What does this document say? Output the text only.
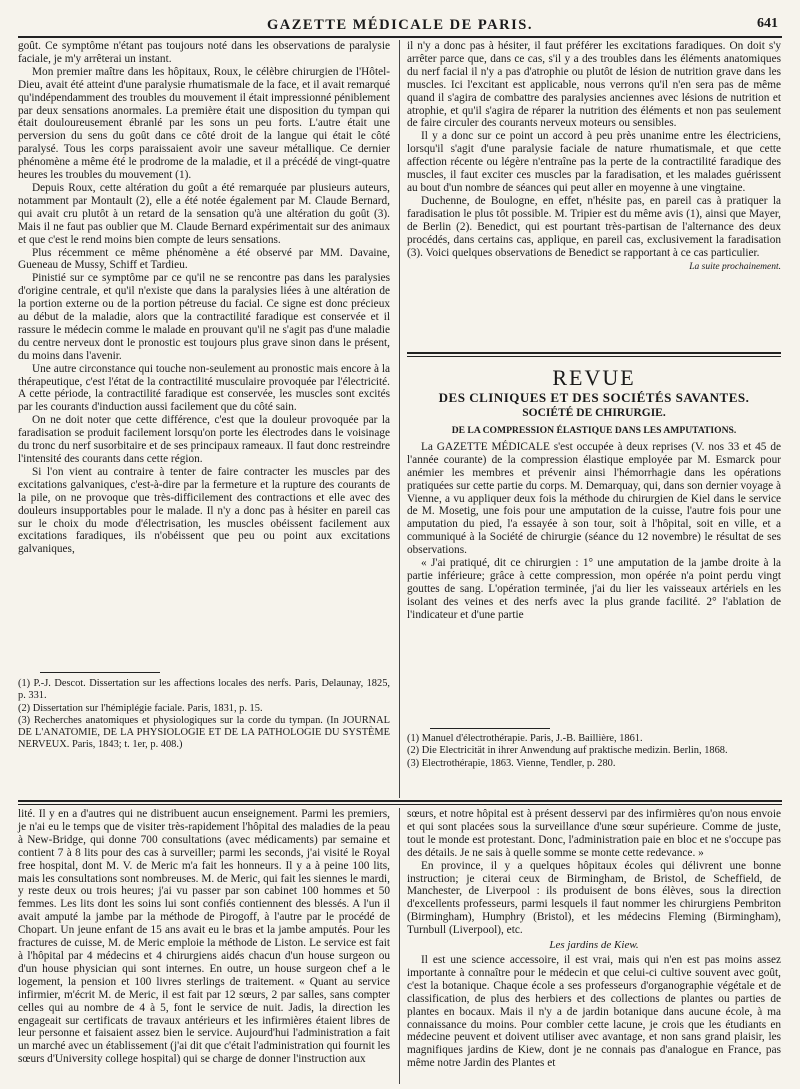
GAZETTE MÉDICALE DE PARIS.	641

goût. Ce symptôme n'étant pas toujours noté dans les observations de paralysie faciale, je m'y arrêterai un instant.

Mon premier maître dans les hôpitaux, Roux, le célèbre chirurgien de l'Hôtel-Dieu, avait été atteint d'une paralysie rhumatismale de la face, et il avait remarqué qu'indépendamment des troubles du mouvement il était impressionné péniblement par deux sensations anormales. La première était une disposition du tympan qui était douloureusement ébranlé par les sons un peu forts. L'autre était une perversion du sens du goût dans ce côté droit de la langue qui était le côté paralysé. Tous les corps paraissaient avoir une saveur métallique. Ce dernier phénomène a même été le prodrome de la maladie, et il a précédé de vingt-quatre heures les troubles du mouvement (1).

Depuis Roux, cette altération du goût a été remarquée par plusieurs auteurs, notamment par Montault (2), elle a été notée également par M. Claude Bernard, qui avait cru plutôt à un retard de la sensation qu'à une altération du goût (3). Mais il ne faut pas oublier que M. Claude Bernard expérimentait sur des animaux et que c'est le rend moins bien compte de leurs sensations.

Plus récemment ce même phénomène a été observé par MM. Davaine, Gueneau de Mussy, Schiff et Tardieu.

Pinistié sur ce symptôme par ce qu'il ne se rencontre pas dans les paralysies d'origine centrale, et qu'il n'existe que dans la paralysies liées à une altération de la portion externe ou de la portion pétreuse du facial. Ce signe est donc précieux au début de la maladie, alors que la contractilité faradique est conservée et il rassure le médecin comme le malade en prouvant qu'il ne s'agit pas d'une maladie du centre nerveux dont le pronostic est toujours plus grave sinon dans le présent, du moins dans l'avenir.

Une autre circonstance qui touche non-seulement au pronostic mais encore à la thérapeutique, c'est l'état de la contractilité musculaire provoquée par l'électricité. A cette période, la contractilité faradique est conservée, les muscles sont excités par les courants d'induction aussi facilement que du côté sain.

On ne doit noter que cette différence, c'est que la douleur provoquée par la faradisation se produit facilement lorsqu'on porte les électrodes dans le voisinage du tronc du nerf susorbitaire et de ses principaux rameaux. Il faut donc restreindre l'intensité des courants dans cette région.

Si l'on vient au contraire à tenter de faire contracter les muscles par des excitations galvaniques, c'est-à-dire par la fermeture et la rupture des courants de la pile, on ne provoque que très-difficilement des contractions et elle avec des douleurs insupportables pour le malade. Il n'y a donc pas à hésiter en pareil cas sur le choix du mode d'électrisation, les muscles obéissent facilement aux excitations faradiques, ils n'obéissent que peu ou point aux excitations galvaniques,

(1) P.-J. Descot. Dissertation sur les affections locales des nerfs. Paris, Delaunay, 1825, p. 331.

(2) Dissertation sur l'hémiplégie faciale. Paris, 1831, p. 15.

(3) Recherches anatomiques et physiologiques sur la corde du tympan. (In JOURNAL DE L'ANATOMIE, DE LA PHYSIOLOGIE ET DE LA PATHOLOGIE DU SYSTÈME NERVEUX. Paris, 1843; t. 1er, p. 408.)

il n'y a donc pas à hésiter, il faut préférer les excitations faradiques. On doit s'y arrêter parce que, dans ce cas, s'il y a des troubles dans les éléments anatomiques du nerf facial il n'y a pas d'atrophie ou plutôt de lésion de nutrition grave dans les muscles. Ici l'excitant est applicable, nous verrons qu'il n'en sera pas de même quand il s'agira de combattre des paralysies anciennes avec lésions de nutrition et atrophie, et qu'il s'agira de réparer la nutrition des éléments et non pas seulement de faire circuler des courants nerveux moteurs ou sensibles.

Il y a donc sur ce point un accord à peu près unanime entre les électriciens, lorsqu'il s'agit d'une paralysie faciale de nature rhumatismale, et que cette affection récente ou légère n'entraîne pas la perte de la contractilité faradique des muscles, il faut exciter ces muscles par la faradisation, et les malades guérissent au bout d'un nombre de séances qui peut aller en moyenne à une vingtaine.

Duchenne, de Boulogne, en effet, n'hésite pas, en pareil cas à pratiquer la faradisation le plus tôt possible. M. Tripier est du même avis (1), ainsi que Mayer, de Berlin (2). Benedict, qui est pourtant très-partisan de l'alternance des deux procédés, dans certains cas, applique, en pareil cas, exclusivement la faradisation (3). Voici quelques observations de Benedict se rapportant à ce cas particulier.

La suite prochainement.
REVUE
DES CLINIQUES ET DES SOCIÉTÉS SAVANTES.
SOCIÉTÉ DE CHIRURGIE.
DE LA COMPRESSION ÉLASTIQUE DANS LES AMPUTATIONS.

La GAZETTE MÉDICALE s'est occupée à deux reprises (V. nos 33 et 45 de l'année courante) de la compression élastique employée par M. Esmarck pour anémier les membres et prévenir ainsi l'hémorrhagie dans les opérations pratiquées sur cette partie du corps. M. Demarquay, qui, dans son dernier voyage à Vienne, a vu appliquer deux fois la méthode du chirurgien de Kiel dans le service de M. Mosetig, une fois pour une amputation de la cuisse, l'autre fois pour une amputation du pied, l'a essayée à son tour, soit à l'hôpital, soit en ville, et a communiqué à la Société de chirurgie (séance du 12 novembre) le résultat de ses observations.

« J'ai pratiqué, dit ce chirurgien : 1° une amputation de la jambe droite à la partie inférieure; grâce à cette compression, mon opérée n'a point perdu vingt gouttes de sang. L'opération terminée, j'ai du lier les vaisseaux artériels en les isolant des veines et des nerfs avec la plus grande facilité. 2° l'ablation de l'indicateur et d'une partie

(1) Manuel d'électrothérapie. Paris, J.-B. Baillière, 1861.

(2) Die Electricität in ihrer Anwendung auf praktische medizin. Berlin, 1868.

(3) Electrothérapie, 1863. Vienne, Tendler, p. 280.

lité. Il y en a d'autres qui ne distribuent aucun enseignement. Parmi les premiers, je n'ai eu le temps que de visiter très-rapidement l'hôpital des maladies de la peau à New-Bridge, qui donne 700 consultations (avec médicaments) par semaine et contient 7 à 8 lits pour des cas à surveiller; parmi les seconds, j'ai visité le Royal free hospital, dont M. V. de Meric m'a fait les honneurs. Il y a à peine 100 lits, mais les consultations sont nombreuses. M. de Meric, qui fait les siennes le mardi, y reste deux ou trois heures; j'ai vu passer par son cabinet 100 hommes et 50 femmes. Les lits dont les soins lui sont confiés contiennent des blessés. A l'un il avait amputé la jambe par la méthode de Pirogoff, à l'autre par le procédé de Chopart. Un jeune enfant de 15 ans avait eu le bras et la jambe amputés. Pour les fractures de cuisse, M. de Meric emploie la méthode de Liston. Le service est fait à l'hôpital par 4 médecins et 4 chirurgiens aidés chacun d'un house surgeon ou d'un house physician qui sont internes. En outre, un house surgeon chef a le logement, la pension et 100 livres sterlings de traitement. « Quant au service infirmier, m'écrit M. de Meric, il est fait par 12 sœurs, 2 par salles, sans compter celles qui au nombre de 4 à 5, font le service de nuit. Jadis, la direction les engageait sur certificats de travaux antérieurs et les infirmières étaient libres de leur personne et faisaient assez bien le service. Aujourd'hui l'administration a fait un marché avec un établissement (j'ai dit que c'était l'administration qui fournit les sœurs d'University college hospital) qui se charge de donner l'instruction aux

sœurs, et notre hôpital est à présent desservi par des infirmières qu'on nous envoie et qui sont placées sous la surveillance d'une sœur supérieure. Comme de juste, tout le monde est protestant. Donc, l'administration paie en bloc et ne s'occupe pas des détails. Je ne sais à quelle somme se monte cette redevance. »

En province, il y a quelques hôpitaux écoles qui délivrent une bonne instruction; je citerai ceux de Birmingham, de Bristol, de Scheffield, de Manchester, de Liverpool : ils produisent de bons élèves, sous la direction d'excellents professeurs, parmi lesquels il faut nommer les chirurgiens Pembriton (Birmingham), Humphry (Bristol), et les médecins Fleming (Birmingham), Turnbull (Liverpool), etc.

Les jardins de Kiew.

Il est une science accessoire, il est vrai, mais qui n'en est pas moins assez importante à connaître pour le médecin et que celui-ci cultive souvent avec goût, c'est la botanique. Chaque école a ses professeurs d'organographie végétale et de classification, de plus des herbiers et des collections de plantes ou parties de plantes en bocaux. Mais il n'y a de jardin botanique dans aucune école, à ma connaissance du moins. Pour combler cette lacune, je crois que les étudiants en médecine peuvent et doivent utiliser avec avantage, et non sans grand plaisir, les magnifiques jardins de Kiew, dont je ne connais pas d'analogue en France, pas même notre Jardin des Plantes et
